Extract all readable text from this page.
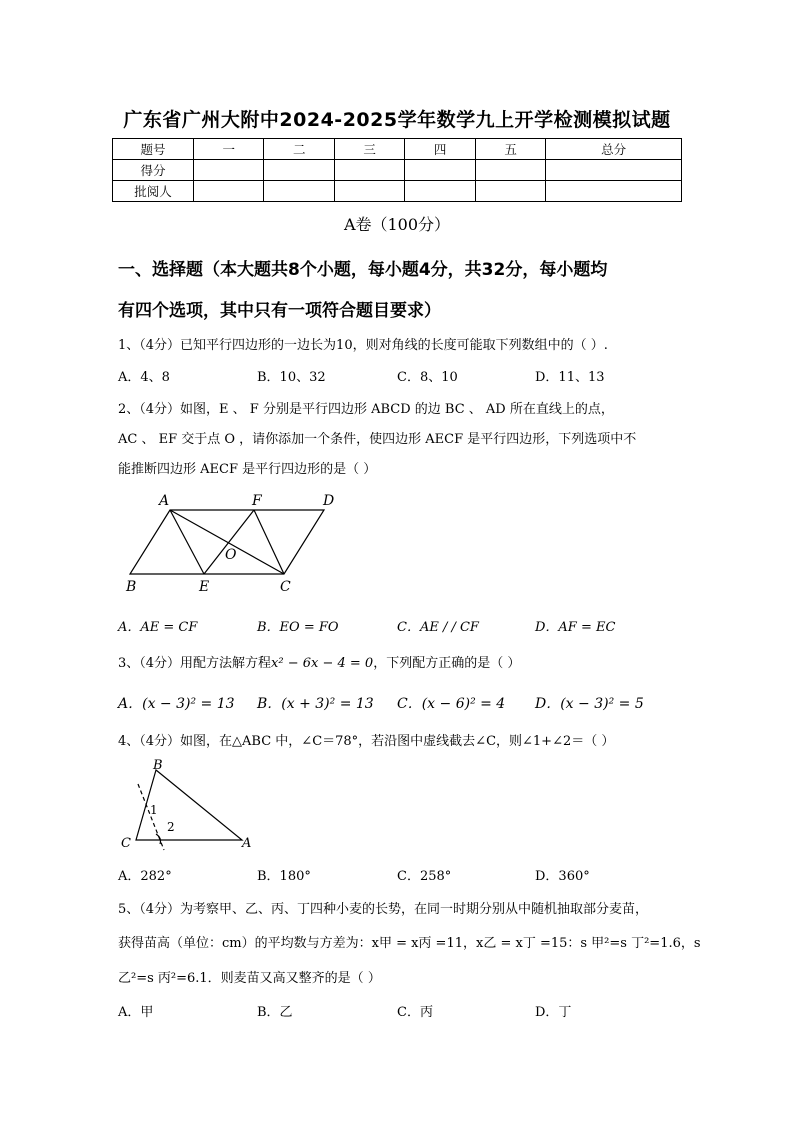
广东省广州大附中2024-2025学年数学九上开学检测模拟试题
题号	一	二	三	四	五	总分
得分						
批阅人						
A卷（100分）
一、选择题（本大题共8个小题，每小题4分，共32分，每小题均
有四个选项，其中只有一项符合题目要求）
1、（4分）已知平行四边形的一边长为10，则对角线的长度可能取下列数组中的（ ）.
A．4、8	B．10、32	C．8、10	D．11、13
2、（4分）如图，E 、 F 分别是平行四边形 ABCD 的边 BC 、 AD 所在直线上的点，
AC 、 EF 交于点 O ，请你添加一个条件，使四边形 AECF 是平行四边形，下列选项中不
能推断四边形 AECF 是平行四边形的是（ ）
A	F	D
O
B	E	C
A．AE = CF	B．EO = FO	C．AE / / CF	D．AF = EC
3、（4分）用配方法解方程x² − 6x − 4 = 0，下列配方正确的是（ ）
A．(x − 3)² = 13 B．(x + 3)² = 13 C．(x − 6)² = 4 D．(x − 3)² = 5
4、（4分）如图，在△ABC 中，∠C＝78°，若沿图中虚线截去∠C，则∠1+∠2＝（ ）
B
C	A
1
2
A．282°	B．180°	C．258°	D．360°
5、（4分）为考察甲、乙、丙、丁四种小麦的长势，在同一时期分别从中随机抽取部分麦苗，
获得苗高（单位：cm）的平均数与方差为：x甲 = x丙 =11，x乙 = x丁 =15：s 甲²=s 丁²=1.6，s
乙²=s 丙²=6.1．则麦苗又高又整齐的是（ ）
A．甲	B．乙	C．丙	D．丁
